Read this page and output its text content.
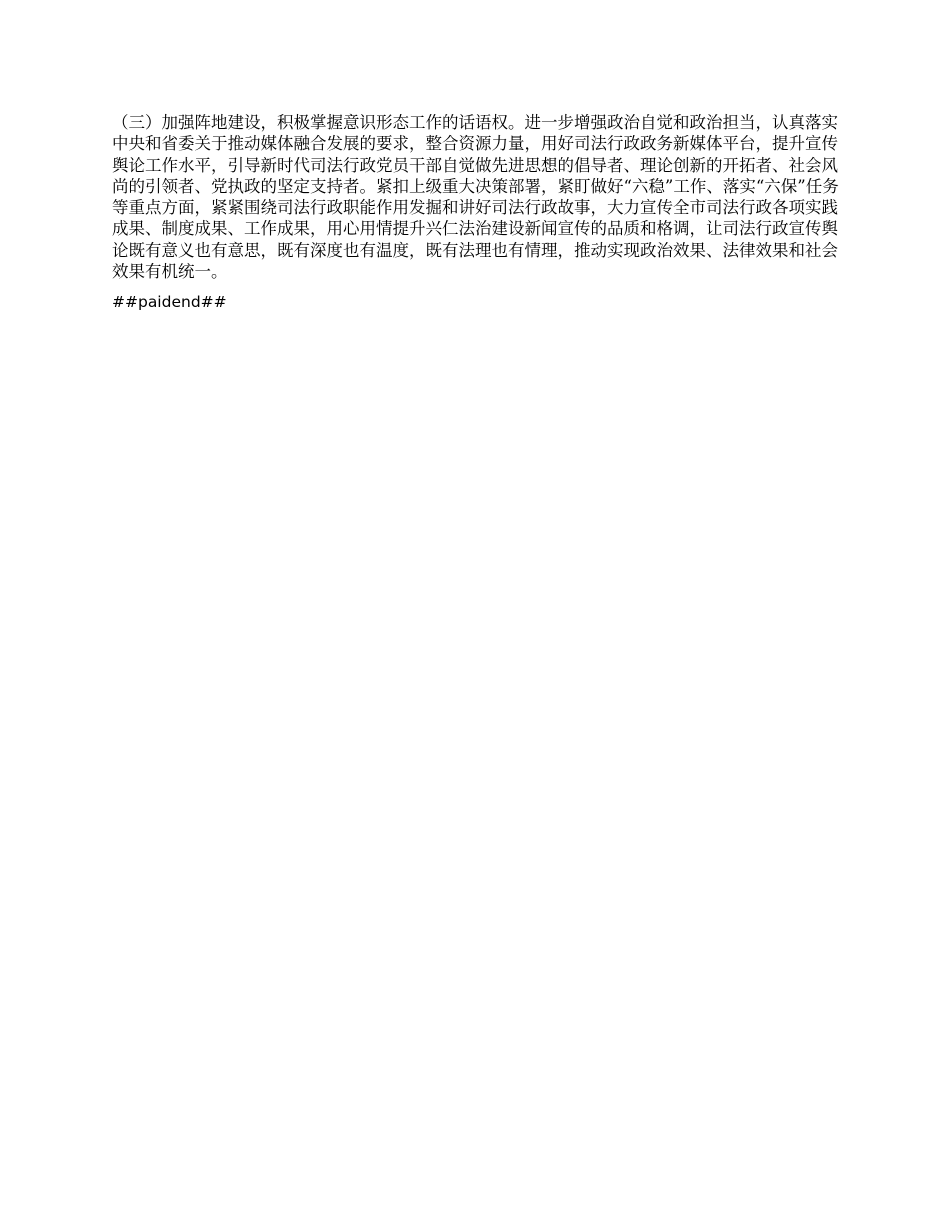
（三）加强阵地建设，积极掌握意识形态工作的话语权。进一步增强政治自觉和政治担当，认真落实中央和省委关于推动媒体融合发展的要求，整合资源力量，用好司法行政政务新媒体平台，提升宣传舆论工作水平，引导新时代司法行政党员干部自觉做先进思想的倡导者、理论创新的开拓者、社会风尚的引领者、党执政的坚定支持者。紧扣上级重大决策部署，紧盯做好“六稳”工作、落实“六保”任务等重点方面，紧紧围绕司法行政职能作用发掘和讲好司法行政故事，大力宣传全市司法行政各项实践成果、制度成果、工作成果，用心用情提升兴仁法治建设新闻宣传的品质和格调，让司法行政宣传舆论既有意义也有意思，既有深度也有温度，既有法理也有情理，推动实现政治效果、法律效果和社会效果有机统一。

##paidend##
